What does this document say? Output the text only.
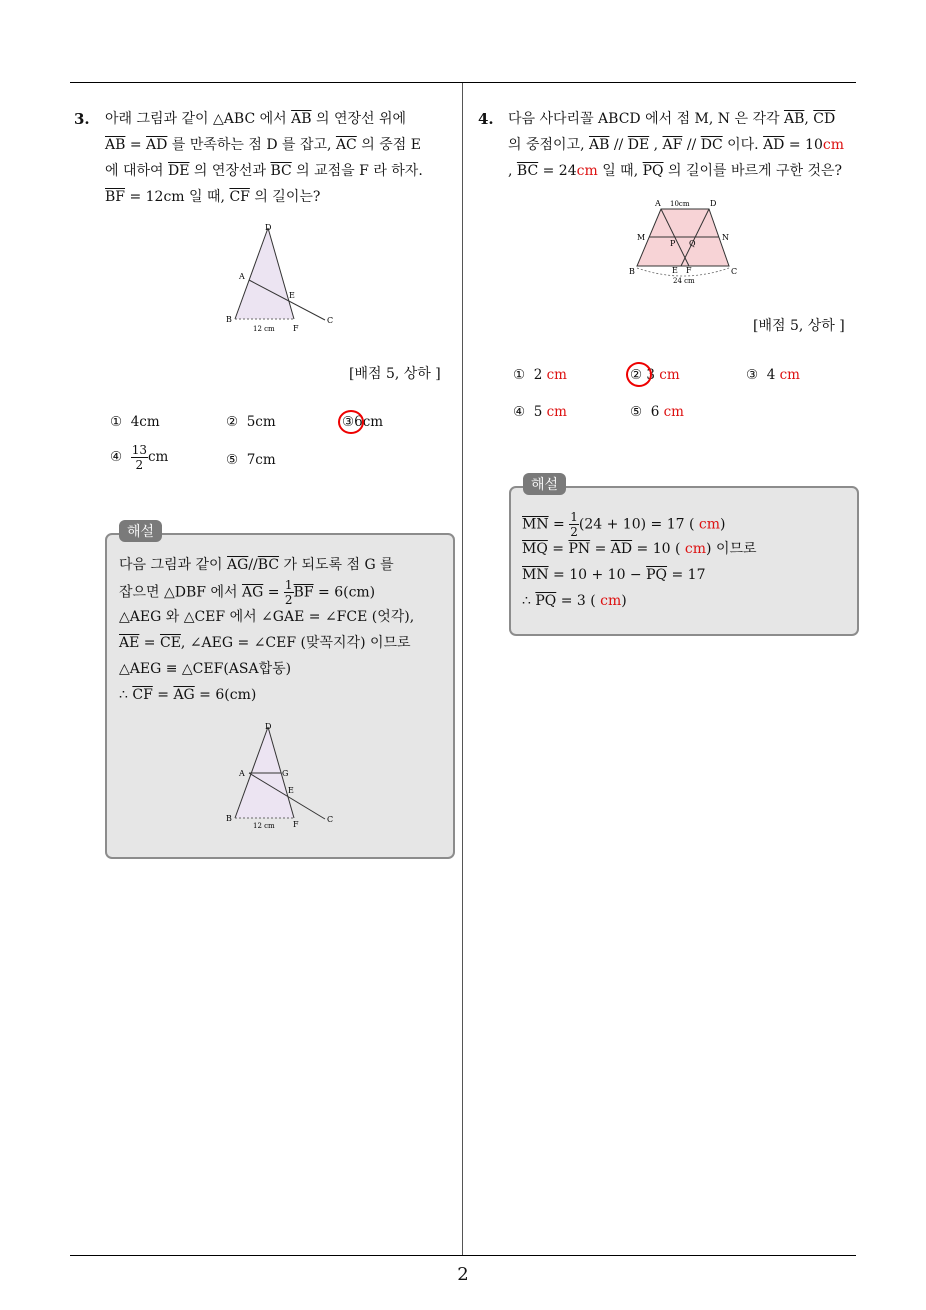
3. 아래 그림과 같이 △ABC 에서 $\overline{AB}$ 의 연장선 위에
$\overline{AB} = \overline{AD}$ 를 만족하는 점 D 를 잡고, $\overline{AC}$ 의 중점 E
에 대하여 $\overline{DE}$ 의 연장선과 $\overline{BC}$ 의 교점을 F 라 하자.
$\overline{BF} = 12cm$ 일 때, $\overline{CF}$ 의 길이는?
D
A
E
B
F
C
12 cm
[배점 5, 상하 ]
① 4cm	② 5cm	③6cm
④ $\frac{13}{2}$ cm	⑤ 7cm
해설
다음 그림과 같이 $\overline{AG}//\overline{BC}$ 가 되도록 점 G 를
잡으면 △DBF 에서 $\overline{AG} = \frac{1}{2} \overline{BF} = 6(cm)$
△AEG 와 △CEF 에서 ∠GAE = ∠FCE (엇각),
$\overline{AE} = \overline{CE}$, ∠AEG = ∠CEF (맞꼭지각) 이므로
△AEG ≡ △CEF(ASA합동)
∴ $\overline{CF} = \overline{AG} = 6(cm)$
D
A	G
E
B
F
C
12 cm
4. 다음 사다리꼴 ABCD 에서 점 M, N 은 각각 $\overline{AB}$, $\overline{CD}$
의 중점이고, $\overline{AB} // \overline{DE}$ , $\overline{AF} // \overline{DC}$ 이다. $\overline{AD} = 10cm$
, $\overline{BC} = 24cm$ 일 때, $\overline{PQ}$ 의 길이를 바르게 구한 것은?
A	D
M	N
P Q
B	E F	C
10cm
24 cm
[배점 5, 상하 ]
① 2 cm	② 3 cm	③ 4 cm
④ 5 cm	⑤ 6 cm
해설
$\overline{MN} = \frac{1}{2} (24 + 10) = 17$ ( cm)
$\overline{MQ} = \overline{PN} = \overline{AD} = 10$ ( cm) 이므로
$\overline{MN} = 10 + 10 - \overline{PQ} = 17$
∴ $\overline{PQ} = 3$ ( cm)
2
